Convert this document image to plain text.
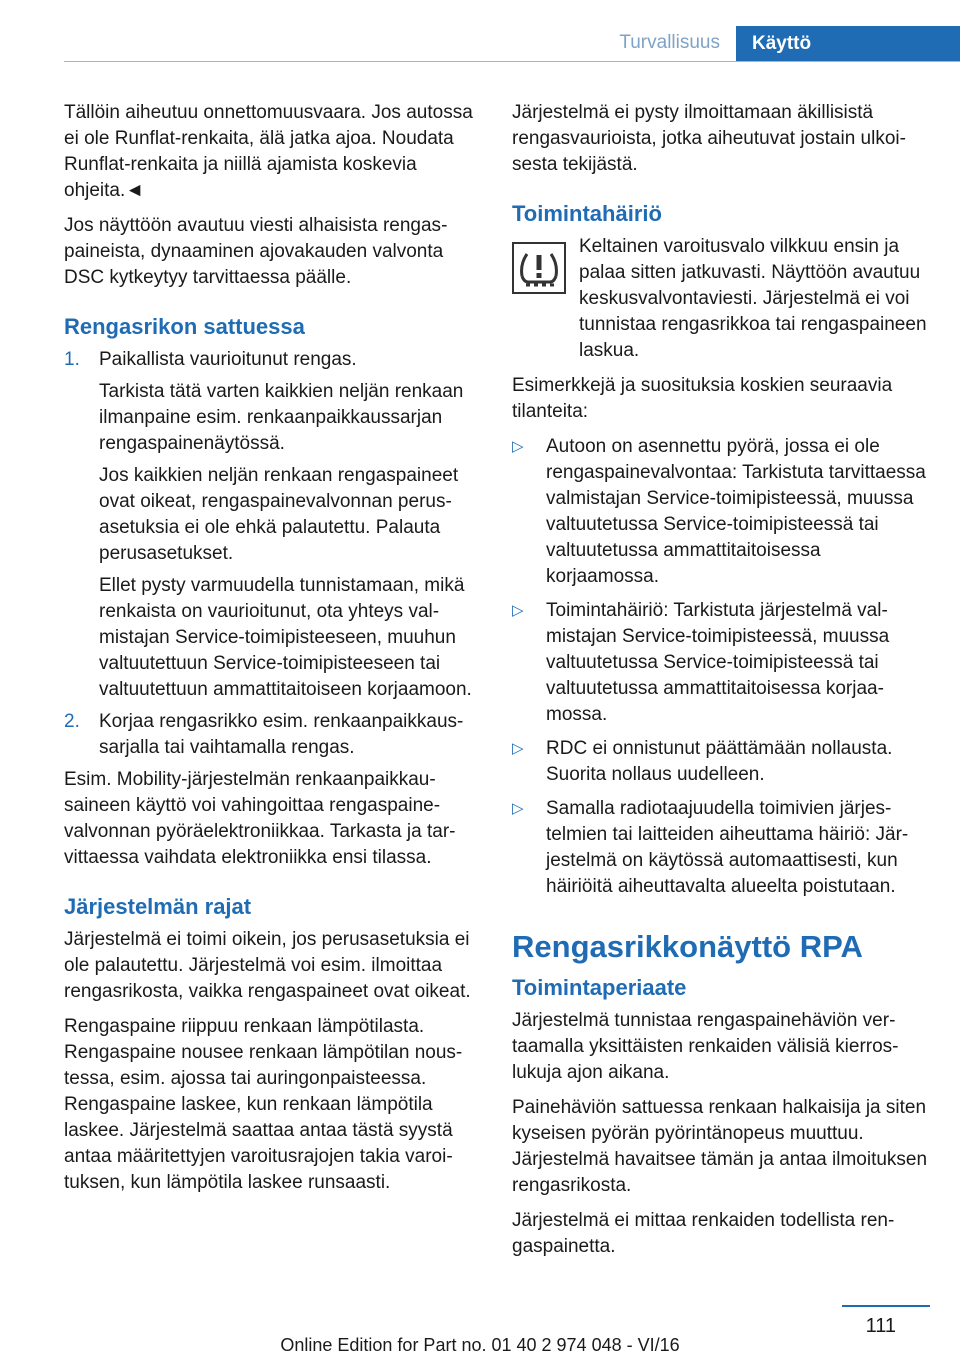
Turvallisuus	Käyttö

Tällöin aiheutuu onnettomuusvaara. Jos autossa ei ole Runflat-renkaita, älä jatka ajoa. Noudata Runflat-renkaita ja niillä ajamista koskevia ohjeita.◄

Jos näyttöön avautuu viesti alhaisista rengaspaineista, dynaaminen ajovakauden valvonta DSC kytkeytyy tarvittaessa päälle.

Rengasrikon sattuessa
1. Paikallista vaurioitunut rengas.

Tarkista tätä varten kaikkien neljän renkaan ilmanpaine esim. renkaanpaikkaussarjan rengaspainenäytössä.

Jos kaikkien neljän renkaan rengaspaineet ovat oikeat, rengaspainevalvonnan perusasetuksia ei ole ehkä palautettu. Palauta perusasetukset.

Ellet pysty varmuudella tunnistamaan, mikä renkaista on vaurioitunut, ota yhteys valmistajan Service-toimipisteeseen, muuhun valtuutettuun Service-toimipisteeseen tai valtuutettuun ammattitaitoiseen korjaamoon.

2. Korjaa rengasrikko esim. renkaanpaikkaussarjalla tai vaihtamalla rengas.

Esim. Mobility-järjestelmän renkaanpaikkausaineen käyttö voi vahingoittaa rengaspainevalvonnan pyöräelektroniikkaa. Tarkasta ja tarvittaessa vaihdata elektroniikka ensi tilassa.

Järjestelmän rajat

Järjestelmä ei toimi oikein, jos perusasetuksia ei ole palautettu. Järjestelmä voi esim. ilmoittaa rengasrikosta, vaikka rengaspaineet ovat oikeat.

Rengaspaine riippuu renkaan lämpötilasta. Rengaspaine nousee renkaan lämpötilan noustessa, esim. ajossa tai auringonpaisteessa. Rengaspaine laskee, kun renkaan lämpötila laskee. Järjestelmä saattaa antaa tästä syystä antaa määritettyjen varoitusrajojen takia varoituksen, kun lämpötila laskee runsaasti.

Järjestelmä ei pysty ilmoittamaan äkillisistä rengasvaurioista, jotka aiheutuvat jostain ulkoisesta tekijästä.

Toimintahäiriö
Keltainen varoitusvalo vilkkuu ensin ja palaa sitten jatkuvasti. Näyttöön avautuu keskusvalvontaviesti. Järjestelmä ei voi tunnistaa rengasrikkoa tai rengaspaineen laskua.

Esimerkkejä ja suosituksia koskien seuraavia tilanteita:

▷ Autoon on asennettu pyörä, jossa ei ole rengaspainevalvontaa: Tarkistuta tarvittaessa valmistajan Service-toimipisteessä, muussa valtuutetussa Service-toimipisteessä tai valtuutetussa ammattitaitoisessa korjaamossa.
▷ Toimintahäiriö: Tarkistuta järjestelmä valmistajan Service-toimipisteessä, muussa valtuutetussa Service-toimipisteessä tai valtuutetussa ammattitaitoisessa korjaamossa.
▷ RDC ei onnistunut päättämään nollausta. Suorita nollaus uudelleen.
▷ Samalla radiotaajuudella toimivien järjestelmien tai laitteiden aiheuttama häiriö: Järjestelmä on käytössä automaattisesti, kun häiriöitä aiheuttavalta alueelta poistutaan.
Rengasrikkonäyttö RPA
Toimintaperiaate

Järjestelmä tunnistaa rengaspainehäviön vertaamalla yksittäisten renkaiden välisiä kierroslukuja ajon aikana.

Painehäviön sattuessa renkaan halkaisija ja siten kyseisen pyörän pyörintänopeus muuttuu. Järjestelmä havaitsee tämän ja antaa ilmoituksen rengasrikosta.

Järjestelmä ei mittaa renkaiden todellista rengaspainetta.

111
Online Edition for Part no. 01 40 2 974 048 - VI/16
